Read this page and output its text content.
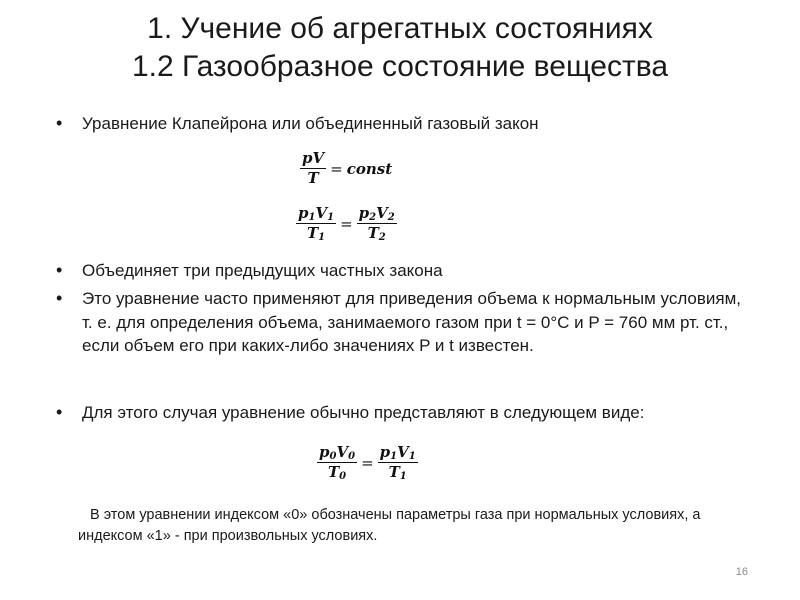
1. Учение об агрегатных состояниях
1.2 Газообразное состояние вещества
• Уравнение Клапейрона или объединенный газовый закон
$\frac{pV}{T}$ = const
$\frac{p_1V_1}{T_1} = \frac{p_2V_2}{T_2}$
• Объединяет три предыдущих частных закона
• Это уравнение часто применяют для приведения объема к нормальным условиям, т. е. для определения объема, занимаемого газом при t = 0°С и P = 760 мм рт. ст., если объем его при каких-либо значениях P и t известен.
• Для этого случая уравнение обычно представляют в следующем виде:
$\frac{p_0V_0}{T_0} = \frac{p_1V_1}{T_1}$
В этом уравнении индексом «0» обозначены параметры газа при нормальных условиях, а индексом «1» - при произвольных условиях.
16
